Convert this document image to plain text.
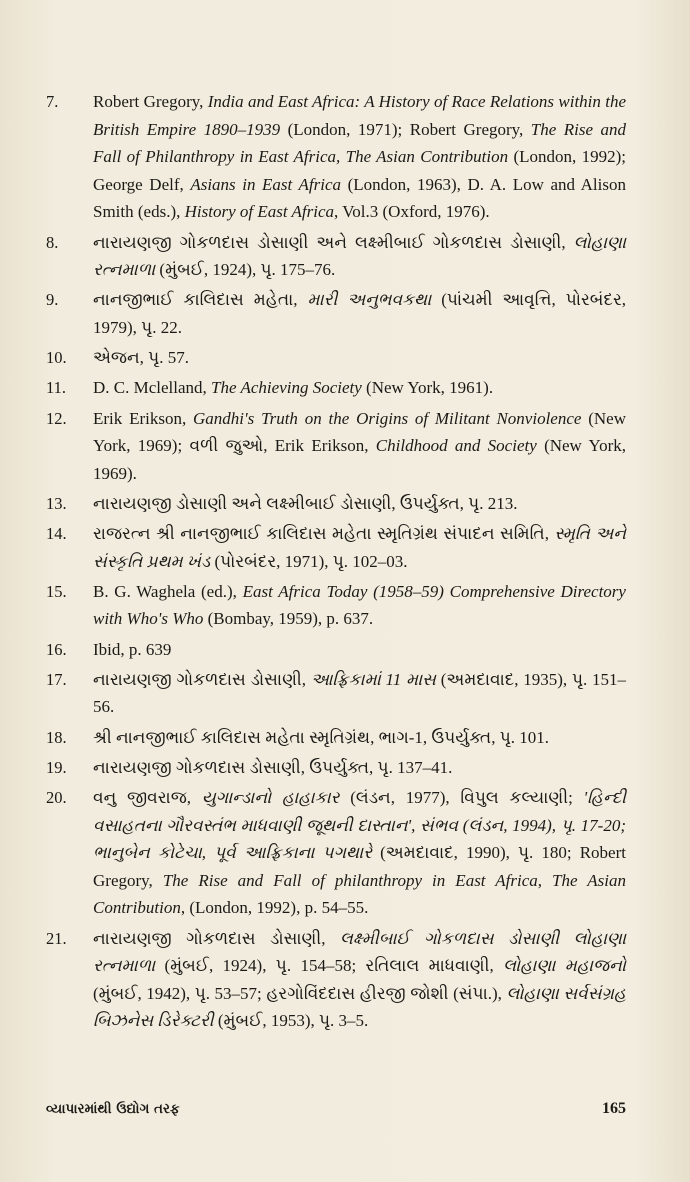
7. Robert Gregory, India and East Africa: A History of Race Relations within the British Empire 1890–1939 (London, 1971); Robert Gregory, The Rise and Fall of Philanthropy in East Africa, The Asian Contribution (London, 1992); George Delf, Asians in East Africa (London, 1963), D. A. Low and Alison Smith (eds.), History of East Africa, Vol.3 (Oxford, 1976).
8. નારાયણજી ગોકળદાસ ડોસાણી અને લક્ષ્મીબાઈ ગોકળદાસ ડોસાણી, લોહાણા રત્નમાળા (મુંબઈ, 1924), પૃ. 175–76.
9. નાનજીભાઈ કાલિદાસ મહેતા, મારી અનુભવકથા (પાંચમી આવૃત્તિ, પોરબંદર, 1979), પૃ. 22.
10. એજન, પૃ. 57.
11. D. C. Mclelland, The Achieving Society (New York, 1961).
12. Erik Erikson, Gandhi's Truth on the Origins of Militant Nonviolence (New York, 1969); વળી જુઓ, Erik Erikson, Childhood and Society (New York, 1969).
13. નારાયણજી ડોસાણી અને લક્ષ્મીબાઈ ડોસાણી, ઉપર્યુક્ત, પૃ. 213.
14. રાજરત્ન શ્રી નાનજીભાઈ કાલિદાસ મહેતા સ્મૃતિગ્રંથ સંપાદન સમિતિ, સ્મૃતિ અને સંસ્કૃતિ પ્રથમ ખંડ (પોરબંદર, 1971), પૃ. 102–03.
15. B. G. Waghela (ed.), East Africa Today (1958–59) Comprehensive Directory with Who's Who (Bombay, 1959), p. 637.
16. Ibid, p. 639
17. નારાયણજી ગોકળદાસ ડોસાણી, આફ્રિકામાં 11 માસ (અમદાવાદ, 1935), પૃ. 151–56.
18. શ્રી નાનજીભાઈ કાલિદાસ મહેતા સ્મૃતિગ્રંથ, ભાગ-1, ઉપર્યુક્ત, પૃ. 101.
19. નારાયણજી ગોકળદાસ ડોસાણી, ઉપર્યુક્ત, પૃ. 137–41.
20. વનુ જીવરાજ, યુગાન્ડાનો હાહાકાર (લંડન, 1977), વિપુલ કલ્યાણી; 'હિન્દી વસાહતના ગૌરવસ્તંભ માધવાણી જૂથની દાસ્તાન', સંભવ (લંડન, 1994), પૃ. 17-20; ભાનુબેન કોટેચા, પૂર્વ આફ્રિકાના પગથારે (અમદાવાદ, 1990), પૃ. 180; Robert Gregory, The Rise and Fall of philanthropy in East Africa, The Asian Contribution, (London, 1992), p. 54–55.
21. નારાયણજી ગોકળદાસ ડોસાણી, લક્ષ્મીબાઈ ગોકળદાસ ડોસાણી લોહાણા રત્નમાળા (મુંબઈ, 1924), પૃ. 154–58; રતિલાલ માધવાણી, લોહાણા મહાજનો (મુંબઈ, 1942), પૃ. 53–57; હરગોવિંદદાસ હીરજી જોશી (સંપા.), લોહાણા સર્વસંગ્રહ બિઝનેસ ડિરેક્ટરી (મુંબઈ, 1953), પૃ. 3–5.
વ્યાપારમાંથી ઉદ્યોગ તરફ	165
